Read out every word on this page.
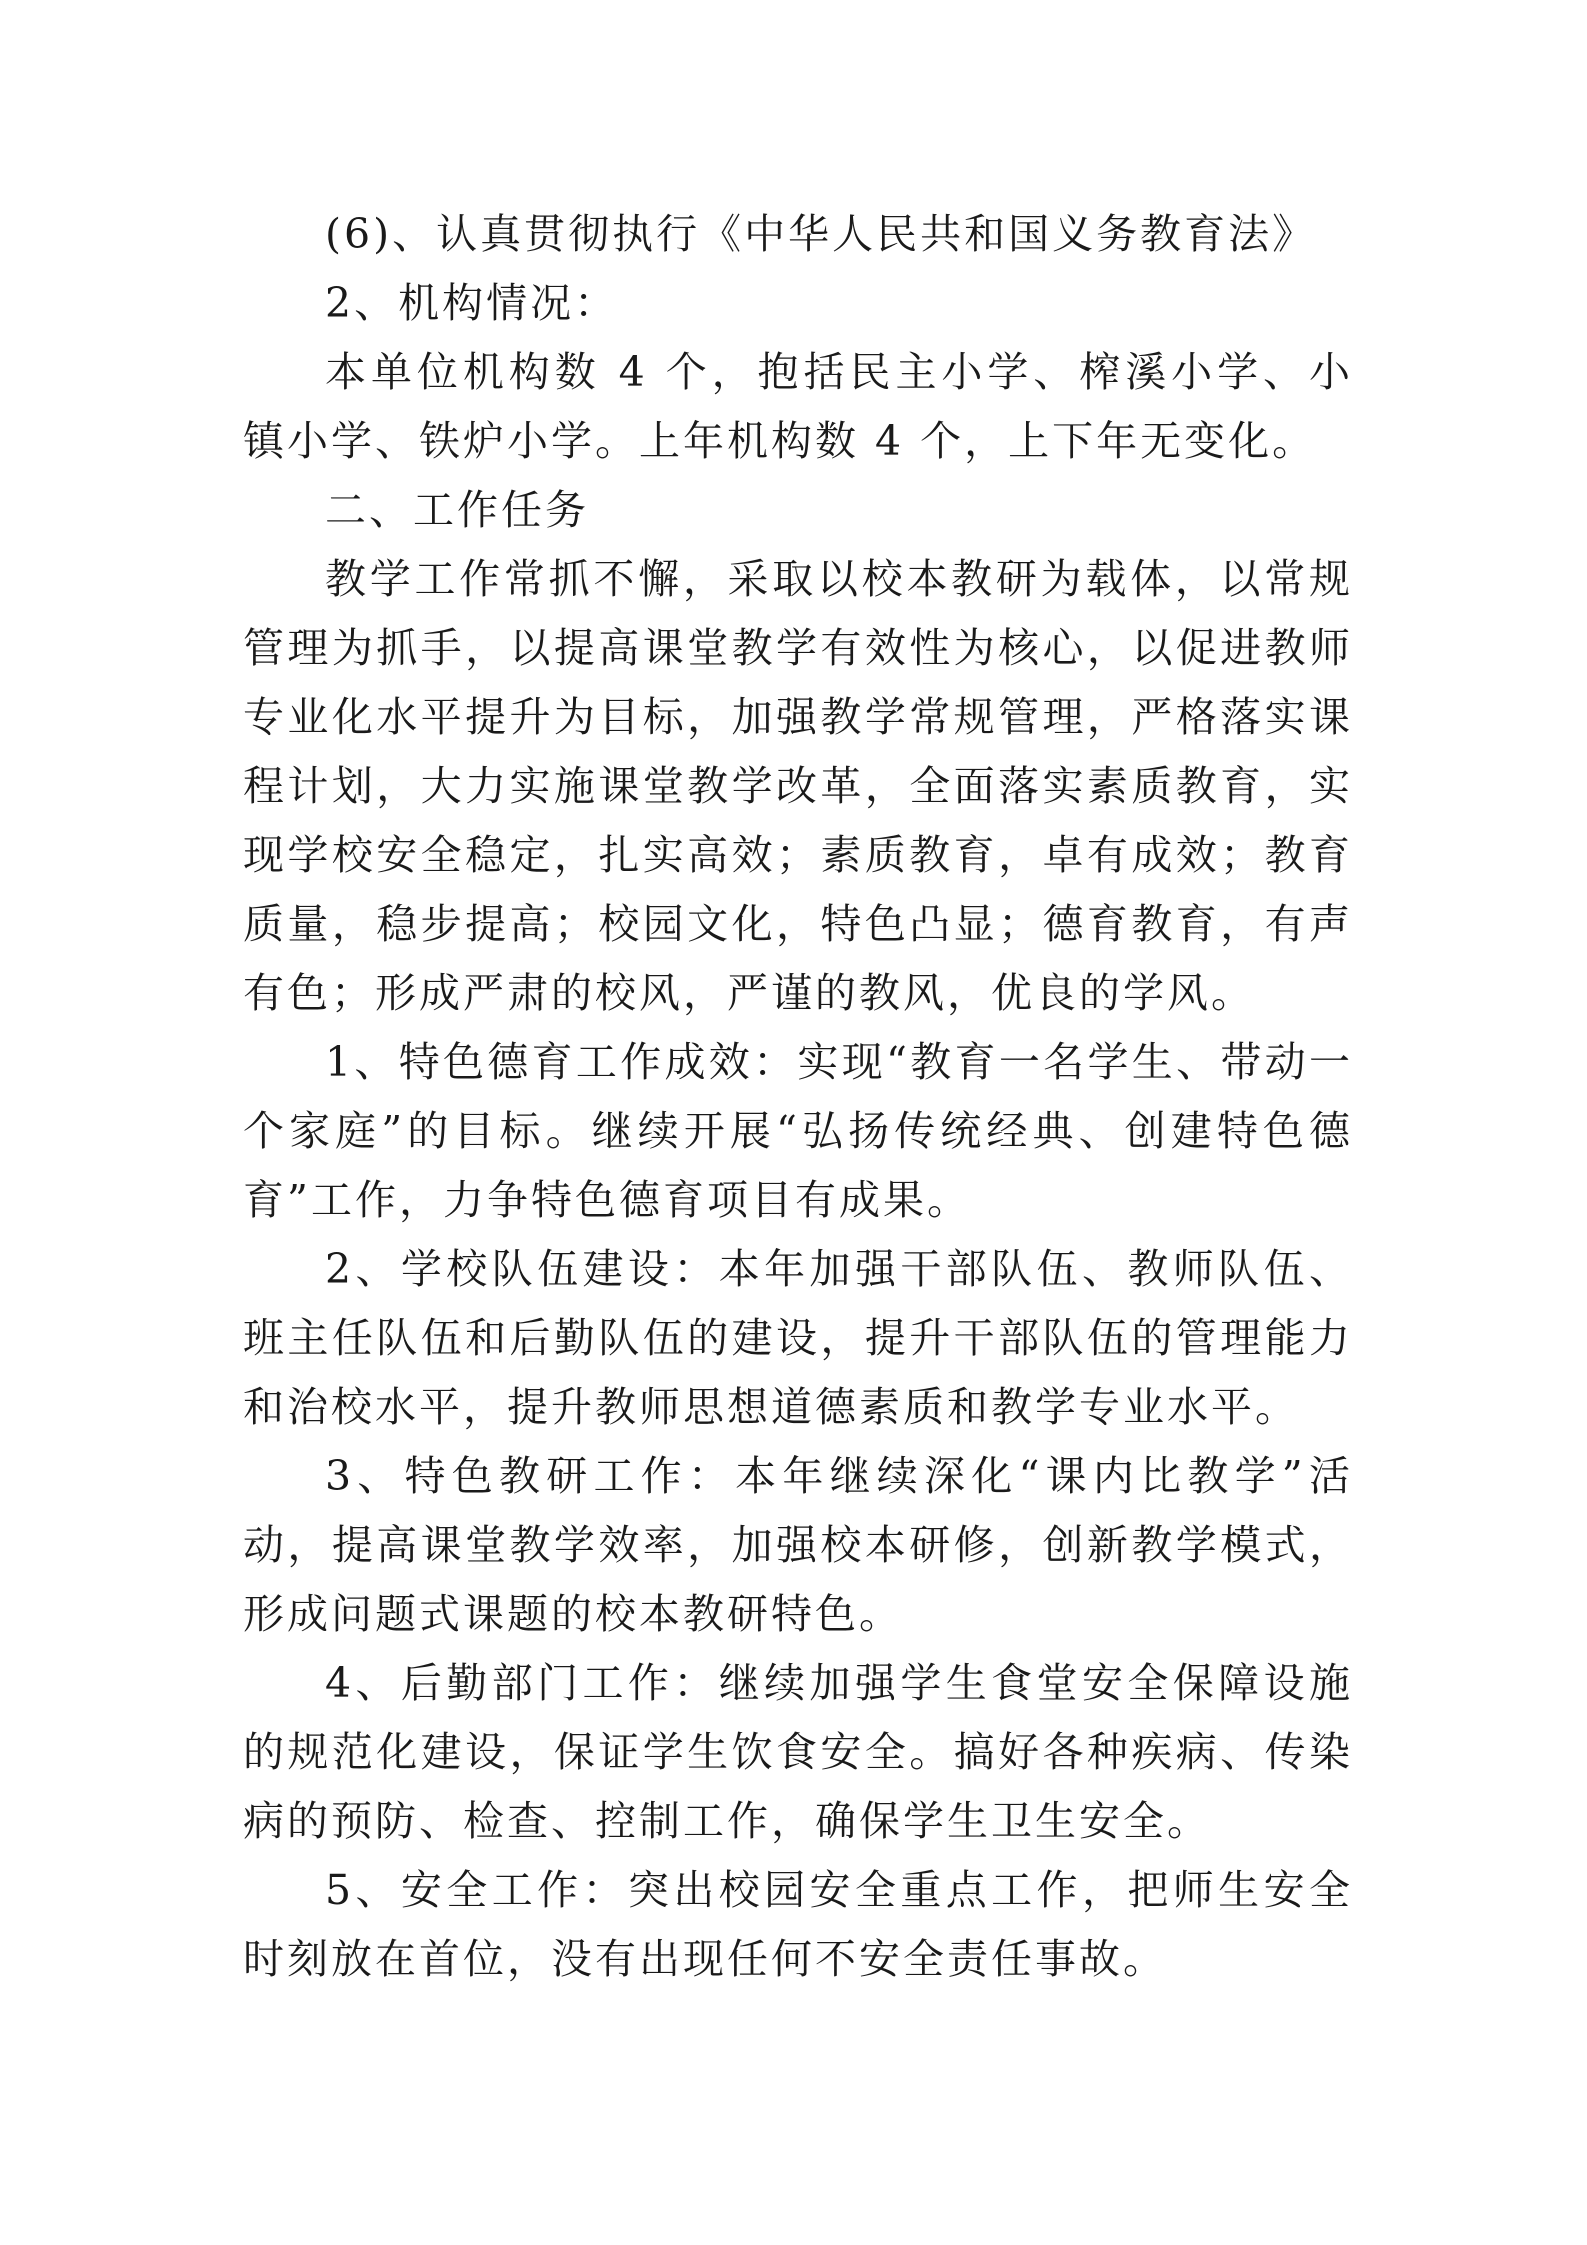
(6)、认真贯彻执行《中华人民共和国义务教育法》

2、机构情况：

本单位机构数 4 个，抱括民主小学、榨溪小学、小镇小学、铁炉小学。上年机构数 4 个，上下年无变化。

二、工作任务

教学工作常抓不懈，采取以校本教研为载体，以常规管理为抓手，以提高课堂教学有效性为核心，以促进教师专业化水平提升为目标，加强教学常规管理，严格落实课程计划，大力实施课堂教学改革，全面落实素质教育，实现学校安全稳定，扎实高效；素质教育，卓有成效；教育质量，稳步提高；校园文化，特色凸显；德育教育，有声有色；形成严肃的校风，严谨的教风，优良的学风。

1、特色德育工作成效：实现“教育一名学生、带动一个家庭”的目标。继续开展“弘扬传统经典、创建特色德育”工作，力争特色德育项目有成果。

2、学校队伍建设：本年加强干部队伍、教师队伍、班主任队伍和后勤队伍的建设，提升干部队伍的管理能力和治校水平，提升教师思想道德素质和教学专业水平。

3、特色教研工作：本年继续深化“课内比教学”活动，提高课堂教学效率，加强校本研修，创新教学模式，形成问题式课题的校本教研特色。

4、后勤部门工作：继续加强学生食堂安全保障设施的规范化建设，保证学生饮食安全。搞好各种疾病、传染病的预防、检查、控制工作，确保学生卫生安全。

5、安全工作：突出校园安全重点工作，把师生安全时刻放在首位，没有出现任何不安全责任事故。
